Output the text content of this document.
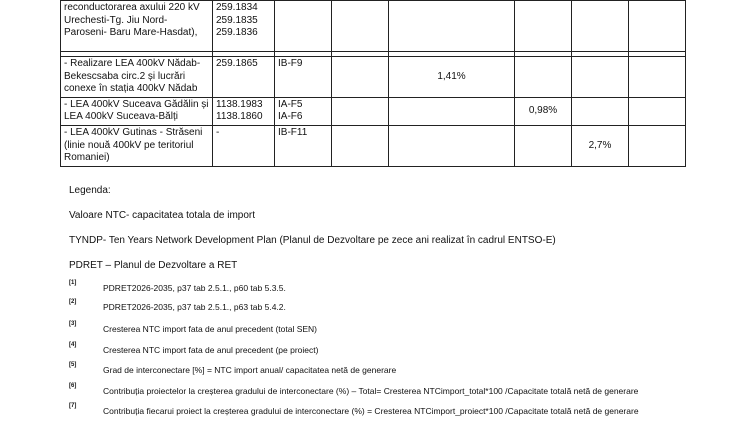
reconductorarea axului 220 kV
Urechesti-Tg. Jiu Nord-
Paroseni- Baru Mare-Hasdat),	259.1834
259.1835
259.1836						

- Realizare LEA 400kV Nădab-
Bekescsaba circ.2 și lucrări
conexe în stația 400kV Nădab	259.1865	IB-F9		1,41%			

- LEA 400kV Suceava Gădălin și
LEA 400kV Suceava-Bălți	1138.1983
1138.1860	IA-F5
IA-F6			0,98%		

- LEA 400kV Gutinas - Străseni
(linie nouă 400kV pe teritoriul
Romaniei)	-	IB-F11				2,7%	
Legenda:
Valoare NTC- capacitatea totala de import
TYNDP- Ten Years Network Development Plan (Planul de Dezvoltare pe zece ani realizat în cadrul ENTSO-E)
PDRET – Planul de Dezvoltare a RET
[1]	PDRET2026-2035, p37 tab 2.5.1., p60 tab 5.3.5.
[2]	PDRET2026-2035, p37 tab 2.5.1., p63 tab 5.4.2.
[3]	Cresterea NTC import fata de anul precedent (total SEN)
[4]	Cresterea NTC import fata de anul precedent (pe proiect)
[5]	Grad de interconectare [%] = NTC import anual/ capacitatea netă de generare
[6]	Contribuția proiectelor la creșterea gradului de interconectare (%) – Total= Cresterea NTCimport_total*100 /Capacitate totală netă de generare
[7]	Contribuția fiecarui proiect la creșterea gradului de interconectare (%) = Cresterea NTCimport_proiect*100 /Capacitate totală netă de generare
